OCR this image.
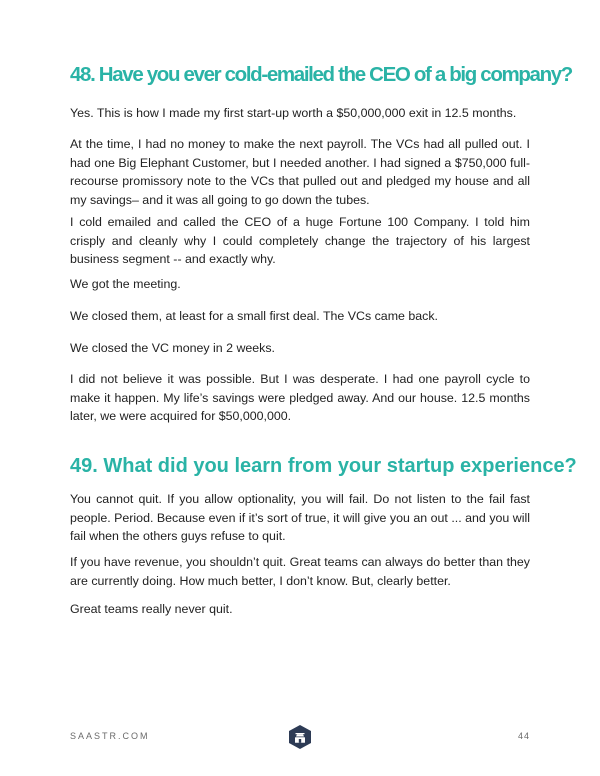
48. Have you ever cold-emailed the CEO of a big company?

Yes. This is how I made my first start-up worth a $50,000,000 exit in 12.5 months.

At the time, I had no money to make the next payroll. The VCs had all pulled out. I had one Big Elephant Customer, but I needed another. I had signed a $750,000 full-recourse promissory note to the VCs that pulled out and pledged my house and all my savings– and it was all going to go down the tubes.

I cold emailed and called the CEO of a huge Fortune 100 Company. I told him crisply and cleanly why I could completely change the trajectory of his largest business segment -- and exactly why.

We got the meeting.

We closed them, at least for a small first deal. The VCs came back.

We closed the VC money in 2 weeks.

I did not believe it was possible. But I was desperate. I had one payroll cycle to make it happen. My life’s savings were pledged away. And our house. 12.5 months later, we were acquired for $50,000,000.

49. What did you learn from your startup experience?

You cannot quit. If you allow optionality, you will fail. Do not listen to the fail fast people. Period. Because even if it’s sort of true, it will give you an out ... and you will fail when the others guys refuse to quit.

If you have revenue, you shouldn’t quit. Great teams can always do better than they are currently doing. How much better, I don’t know. But, clearly better.

Great teams really never quit.

SAASTR.COM	44
